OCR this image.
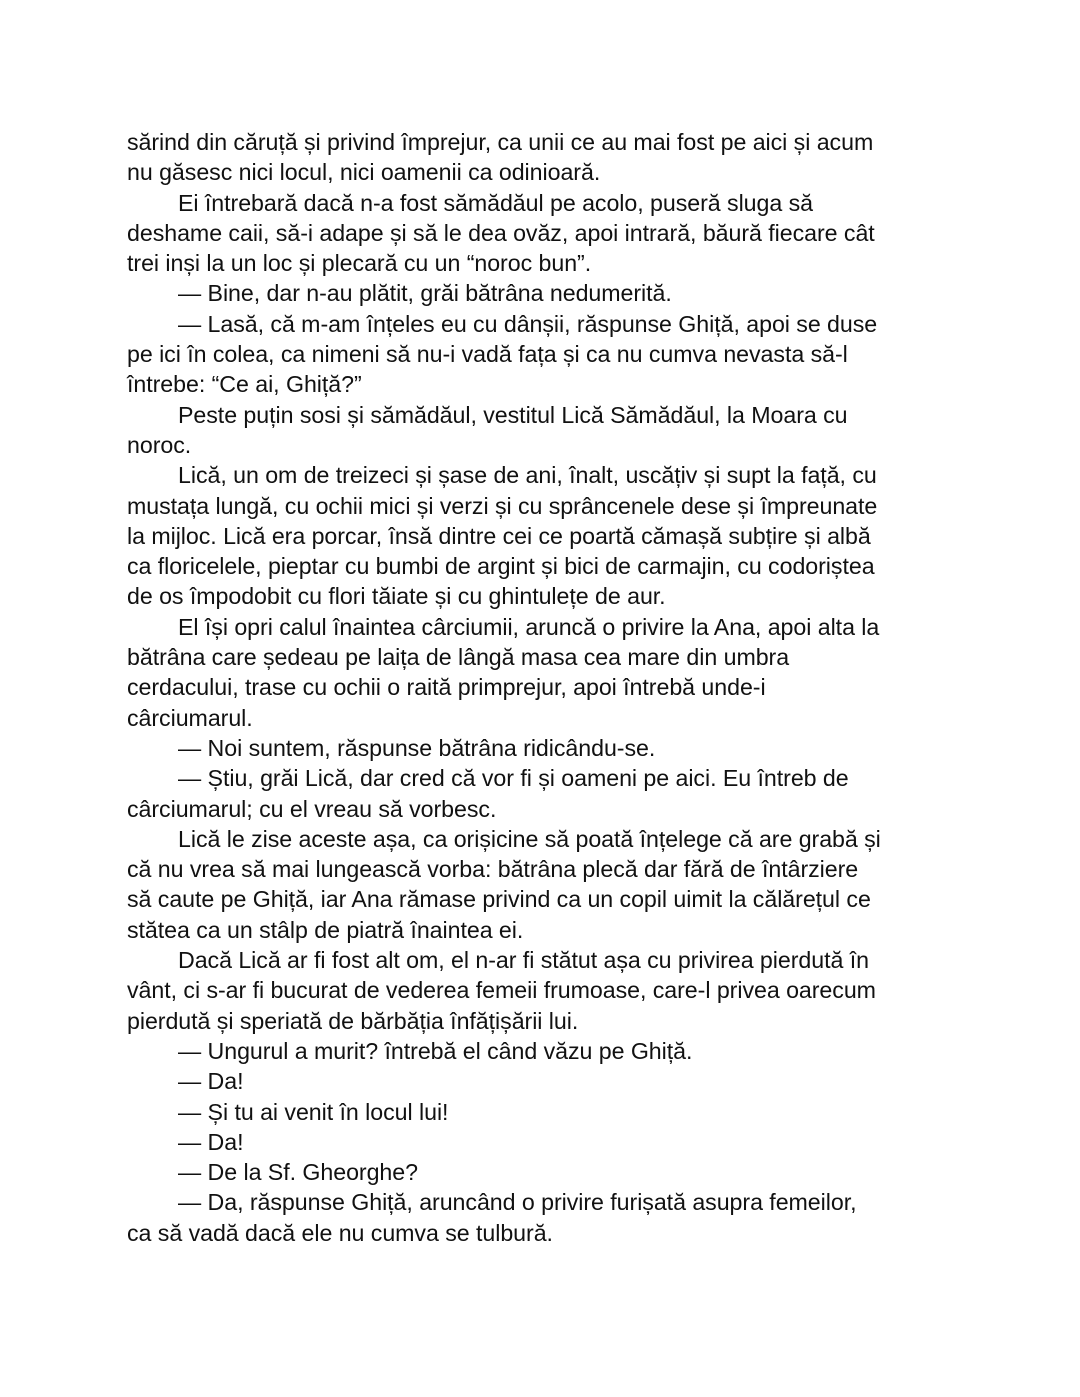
sărind din căruță și privind împrejur, ca unii ce au mai fost pe aici și acum
nu găsesc nici locul, nici oamenii ca odinioară.
Ei întrebară dacă n-a fost sămădăul pe acolo, puseră sluga să
deshame caii, să-i adape și să le dea ovăz, apoi intrară, băură fiecare cât
trei inși la un loc și plecară cu un “noroc bun”.
— Bine, dar n-au plătit, grăi bătrâna nedumerită.
— Lasă, că m-am înțeles eu cu dânșii, răspunse Ghiță, apoi se duse
pe ici în colea, ca nimeni să nu-i vadă fața și ca nu cumva nevasta să-l
întrebe: “Ce ai, Ghiță?”
Peste puțin sosi și sămădăul, vestitul Lică Sămădăul, la Moara cu
noroc.
Lică, un om de treizeci și șase de ani, înalt, uscățiv și supt la față, cu
mustața lungă, cu ochii mici și verzi și cu sprâncenele dese și împreunate
la mijloc. Lică era porcar, însă dintre cei ce poartă cămașă subțire și albă
ca floricelele, pieptar cu bumbi de argint și bici de carmajin, cu codoriștea
de os împodobit cu flori tăiate și cu ghintulețe de aur.
El își opri calul înaintea cârciumii, aruncă o privire la Ana, apoi alta la
bătrâna care ședeau pe laița de lângă masa cea mare din umbra
cerdacului, trase cu ochii o raită primprejur, apoi întrebă unde-i
cârciumarul.
— Noi suntem, răspunse bătrâna ridicându-se.
— Știu, grăi Lică, dar cred că vor fi și oameni pe aici. Eu întreb de
cârciumarul; cu el vreau să vorbesc.
Lică le zise aceste așa, ca orișicine să poată înțelege că are grabă și
că nu vrea să mai lungească vorba: bătrâna plecă dar fără de întârziere
să caute pe Ghiță, iar Ana rămase privind ca un copil uimit la călărețul ce
stătea ca un stâlp de piatră înaintea ei.
Dacă Lică ar fi fost alt om, el n-ar fi stătut așa cu privirea pierdută în
vânt, ci s-ar fi bucurat de vederea femeii frumoase, care-l privea oarecum
pierdută și speriată de bărbăția înfățișării lui.
— Ungurul a murit? întrebă el când văzu pe Ghiță.
— Da!
— Și tu ai venit în locul lui!
— Da!
— De la Sf. Gheorghe?
— Da, răspunse Ghiță, aruncând o privire furișată asupra femeilor,
ca să vadă dacă ele nu cumva se tulbură.
